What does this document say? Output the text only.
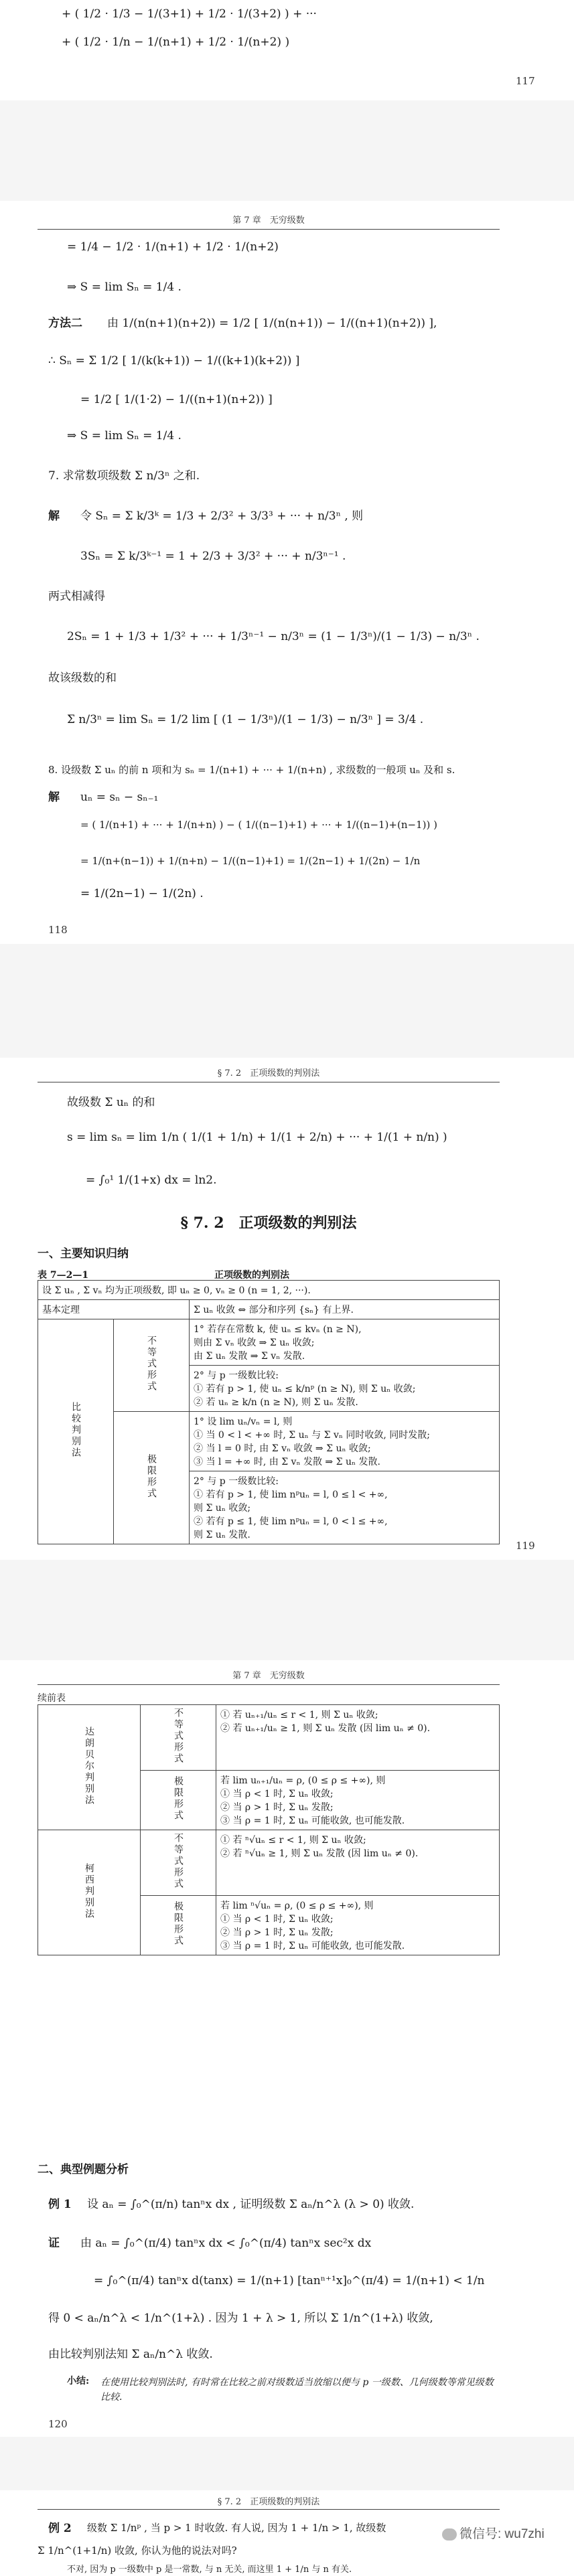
+ ( 1/2 · 1/3 − 1/(3+1) + 1/2 · 1/(3+2) ) + ···
+ ( 1/2 · 1/n − 1/(n+1) + 1/2 · 1/(n+2) )
117
第 7 章　无穷级数
= 1/4 − 1/2 · 1/(n+1) + 1/2 · 1/(n+2)
⇒ S = lim Sₙ = 1/4 .
方法二 由 1/(n(n+1)(n+2)) = 1/2 [ 1/(n(n+1)) − 1/((n+1)(n+2)) ],
∴ Sₙ = Σ 1/2 [ 1/(k(k+1)) − 1/((k+1)(k+2)) ]
= 1/2 [ 1/(1·2) − 1/((n+1)(n+2)) ]
⇒ S = lim Sₙ = 1/4 .
7. 求常数项级数 Σ n/3ⁿ 之和.
解 令 Sₙ = Σ k/3ᵏ = 1/3 + 2/3² + 3/3³ + ··· + n/3ⁿ , 则
3Sₙ = Σ k/3ᵏ⁻¹ = 1 + 2/3 + 3/3² + ··· + n/3ⁿ⁻¹ .
两式相减得
2Sₙ = 1 + 1/3 + 1/3² + ··· + 1/3ⁿ⁻¹ − n/3ⁿ = (1 − 1/3ⁿ)/(1 − 1/3) − n/3ⁿ .
故该级数的和
Σ n/3ⁿ = lim Sₙ = 1/2 lim [ (1 − 1/3ⁿ)/(1 − 1/3) − n/3ⁿ ] = 3/4 .
8. 设级数 Σ uₙ 的前 n 项和为 sₙ = 1/(n+1) + ··· + 1/(n+n) , 求级数的一般项 uₙ 及和 s.
解 uₙ = sₙ − sₙ₋₁
= ( 1/(n+1) + ··· + 1/(n+n) ) − ( 1/((n−1)+1) + ··· + 1/((n−1)+(n−1)) )
= 1/(n+(n−1)) + 1/(n+n) − 1/((n−1)+1) = 1/(2n−1) + 1/(2n) − 1/n
= 1/(2n−1) − 1/(2n) .
118
§ 7. 2　正项级数的判别法
故级数 Σ uₙ 的和
s = lim sₙ = lim 1/n ( 1/(1 + 1/n) + 1/(1 + 2/n) + ··· + 1/(1 + n/n) )
= ∫₀¹ 1/(1+x) dx = ln2.
§ 7. 2　正项级数的判别法
一、主要知识归纳
表 7—2—1	正项级数的判别法
设 Σ uₙ , Σ vₙ 均为正项级数, 即 uₙ ≥ 0, vₙ ≥ 0 (n = 1, 2, ···).		
基本定理		Σ uₙ 收敛 ⇔ 部分和序列 {sₙ} 有上界.
比较判别法	不等式形式	1° 若存在常数 k, 使 uₙ ≤ kvₙ (n ≥ N),
则由 Σ vₙ 收敛 ⇒ Σ uₙ 收敛;
由 Σ uₙ 发散 ⇒ Σ vₙ 发散.

		2° 与 p 一级数比较:
① 若有 p > 1, 使 uₙ ≤ k/nᵖ (n ≥ N), 则 Σ uₙ 收敛;
② 若 uₙ ≥ k/n (n ≥ N), 则 Σ uₙ 发散.

	极限形式	1° 设 lim uₙ/vₙ = l, 则
① 当 0 < l < +∞ 时, Σ uₙ 与 Σ vₙ 同时收敛, 同时发散;
② 当 l = 0 时, 由 Σ vₙ 收敛 ⇒ Σ uₙ 收敛;
③ 当 l = +∞ 时, 由 Σ vₙ 发散 ⇒ Σ uₙ 发散.

		2° 与 p 一级数比较:
① 若有 p > 1, 使 lim nᵖuₙ = l, 0 ≤ l < +∞,
则 Σ uₙ 收敛;
② 若有 p ≤ 1, 使 lim nᵖuₙ = l, 0 < l ≤ +∞,
则 Σ uₙ 发散.
119
第 7 章　无穷级数
续前表
达朗贝尔判别法	不等式形式	① 若 uₙ₊₁/uₙ ≤ r < 1, 则 Σ uₙ 收敛;
② 若 uₙ₊₁/uₙ ≥ 1, 则 Σ uₙ 发散 (因 lim uₙ ≠ 0).

	极限形式	若 lim uₙ₊₁/uₙ = ρ, (0 ≤ ρ ≤ +∞), 则
① 当 ρ < 1 时, Σ uₙ 收敛;
② 当 ρ > 1 时, Σ uₙ 发散;
③ 当 ρ = 1 时, Σ uₙ 可能收敛, 也可能发散.

柯西判别法	不等式形式	① 若 ⁿ√uₙ ≤ r < 1, 则 Σ uₙ 收敛;
② 若 ⁿ√uₙ ≥ 1, 则 Σ uₙ 发散 (因 lim uₙ ≠ 0).

	极限形式	若 lim ⁿ√uₙ = ρ, (0 ≤ ρ ≤ +∞), 则
① 当 ρ < 1 时, Σ uₙ 收敛;
② 当 ρ > 1 时, Σ uₙ 发散;
③ 当 ρ = 1 时, Σ uₙ 可能收敛, 也可能发散.
二、典型例题分析
例 1 设 aₙ = ∫₀^(π/n) tanⁿx dx , 证明级数 Σ aₙ/n^λ (λ > 0) 收敛.
证 由 aₙ = ∫₀^(π/4) tanⁿx dx < ∫₀^(π/4) tanⁿx sec²x dx
= ∫₀^(π/4) tanⁿx d(tanx) = 1/(n+1) [tanⁿ⁺¹x]₀^(π/4) = 1/(n+1) < 1/n
得 0 < aₙ/n^λ < 1/n^(1+λ) . 因为 1 + λ > 1, 所以 Σ 1/n^(1+λ) 收敛,
由比较判别法知 Σ aₙ/n^λ 收敛.
小结: 在使用比较判别法时, 有时常在比较之前对级数适当放缩以便与 p 一级数、几何级数等常见级数比较.
120
§ 7. 2　正项级数的判别法
例 2 级数 Σ 1/nᵖ , 当 p > 1 时收敛. 有人说, 因为 1 + 1/n > 1, 故级数
Σ 1/n^(1+1/n) 收敛, 你认为他的说法对吗?
不对, 因为 p 一级数中 p 是一常数, 与 n 无关, 而这里 1 + 1/n 与 n 有关.
微信号: wu7zhi
